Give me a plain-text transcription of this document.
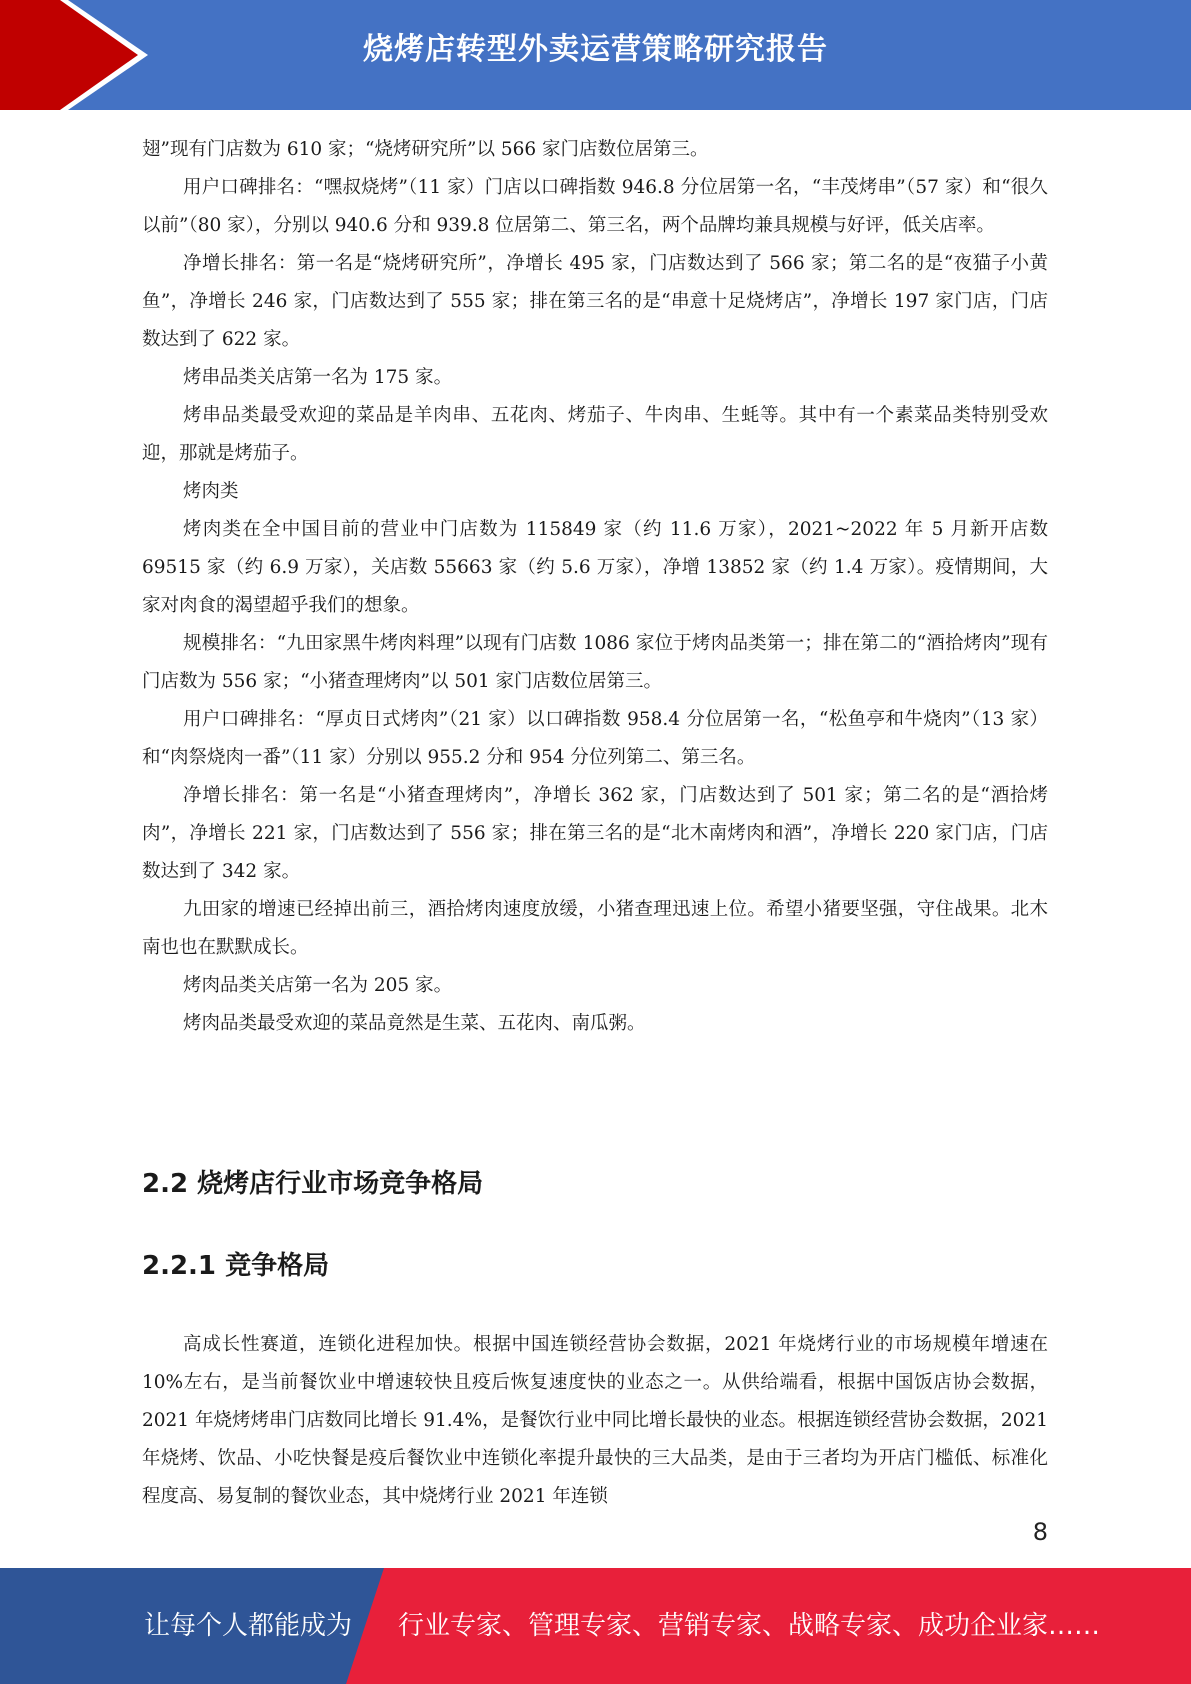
烧烤店转型外卖运营策略研究报告

翅”现有门店数为 610 家；“烧烤研究所”以 566 家门店数位居第三。

用户口碑排名：“嘿叔烧烤”（11 家）门店以口碑指数 946.8 分位居第一名，“丰茂烤串”（57 家）和“很久以前”（80 家），分别以 940.6 分和 939.8 位居第二、第三名，两个品牌均兼具规模与好评，低关店率。

净增长排名：第一名是“烧烤研究所”，净增长 495 家，门店数达到了 566 家；第二名的是“夜猫子小黄鱼”，净增长 246 家，门店数达到了 555 家；排在第三名的是“串意十足烧烤店”，净增长 197 家门店，门店数达到了 622 家。

烤串品类关店第一名为 175 家。

烤串品类最受欢迎的菜品是羊肉串、五花肉、烤茄子、牛肉串、生蚝等。其中有一个素菜品类特别受欢迎，那就是烤茄子。

烤肉类

烤肉类在全中国目前的营业中门店数为 115849 家（约 11.6 万家），2021~2022 年 5 月新开店数 69515 家（约 6.9 万家），关店数 55663 家（约 5.6 万家），净增 13852 家（约 1.4 万家）。疫情期间，大家对肉食的渴望超乎我们的想象。

规模排名：“九田家黑牛烤肉料理”以现有门店数 1086 家位于烤肉品类第一；排在第二的“酒拾烤肉”现有门店数为 556 家；“小猪查理烤肉”以 501 家门店数位居第三。

用户口碑排名：“厚贞日式烤肉”（21 家）以口碑指数 958.4 分位居第一名，“松鱼亭和牛烧肉”（13 家）和“肉祭烧肉一番”（11 家）分别以 955.2 分和 954 分位列第二、第三名。

净增长排名：第一名是“小猪查理烤肉”，净增长 362 家，门店数达到了 501 家；第二名的是“酒拾烤肉”，净增长 221 家，门店数达到了 556 家；排在第三名的是“北木南烤肉和酒”，净增长 220 家门店，门店数达到了 342 家。

九田家的增速已经掉出前三，酒拾烤肉速度放缓，小猪查理迅速上位。希望小猪要坚强，守住战果。北木南也也在默默成长。

烤肉品类关店第一名为 205 家。

烤肉品类最受欢迎的菜品竟然是生菜、五花肉、南瓜粥。

2.2 烧烤店行业市场竞争格局
2.2.1 竞争格局

高成长性赛道，连锁化进程加快。根据中国连锁经营协会数据，2021 年烧烤行业的市场规模年增速在 10%左右，是当前餐饮业中增速较快且疫后恢复速度快的业态之一。从供给端看，根据中国饭店协会数据，2021 年烧烤烤串门店数同比增长 91.4%，是餐饮行业中同比增长最快的业态。根据连锁经营协会数据，2021 年烧烤、饮品、小吃快餐是疫后餐饮业中连锁化率提升最快的三大品类，是由于三者均为开店门槛低、标准化程度高、易复制的餐饮业态，其中烧烤行业 2021 年连锁

8
让每个人都能成为 行业专家、管理专家、营销专家、战略专家、成功企业家……
